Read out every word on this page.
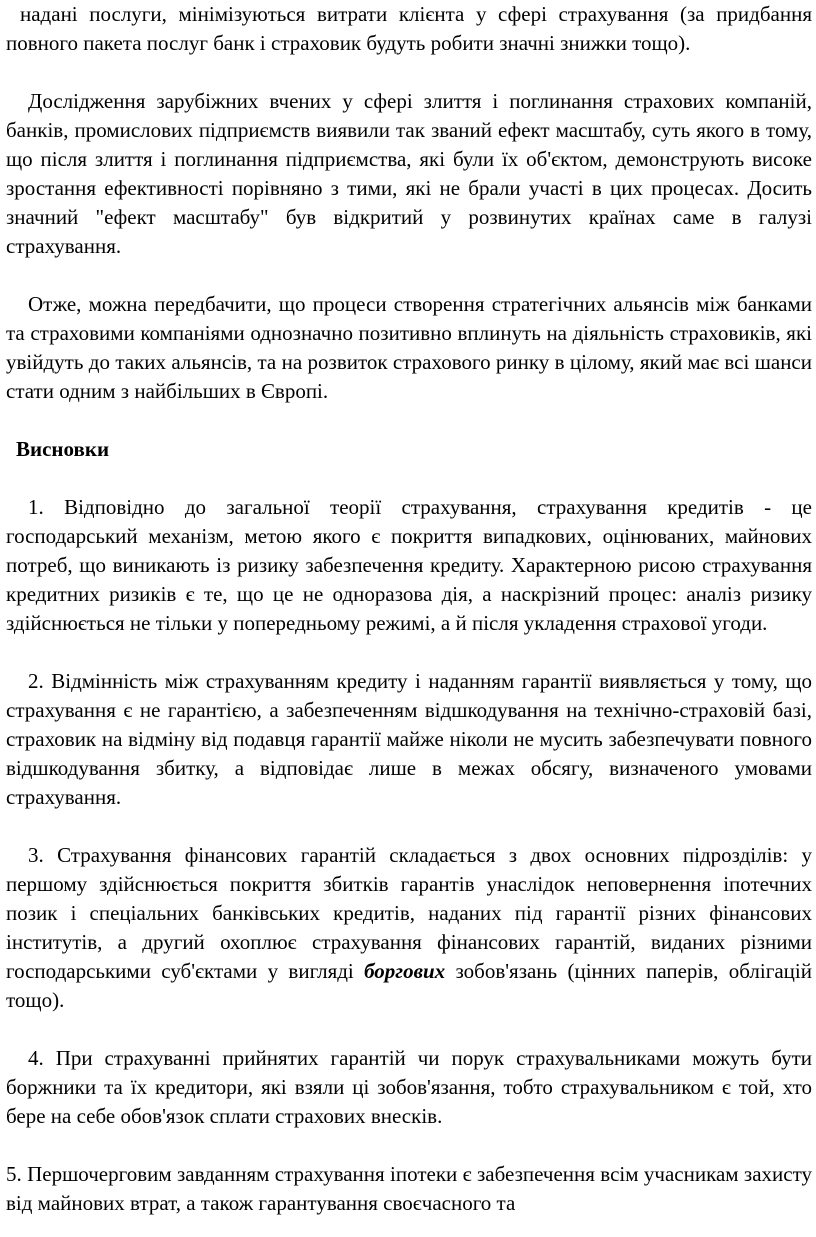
надані послуги, мінімізуються витрати клієнта у сфері страхування (за придбання повного пакета послуг банк і страховик будуть робити значні знижки тощо).

Дослідження зарубіжних вчених у сфері злиття і поглинання страхових компаній, банків, промислових підприємств виявили так званий ефект масштабу, суть якого в тому, що після злиття і поглинання підприємства, які були їх об'єктом, демонструють високе зростання ефективності порівняно з тими, які не брали участі в цих процесах. Досить значний "ефект масштабу" був відкритий у розвинутих країнах саме в галузі страхування.

Отже, можна передбачити, що процеси створення стратегічних альянсів між банками та страховими компаніями однозначно позитивно вплинуть на діяльність страховиків, які увійдуть до таких альянсів, та на розвиток страхового ринку в цілому, який має всі шанси стати одним з найбільших в Європі.

Висновки

1. Відповідно до загальної теорії страхування, страхування кредитів - це господарський механізм, метою якого є покриття випадкових, оцінюваних, майнових потреб, що виникають із ризику забезпечення кредиту. Характерною рисою страхування кредитних ризиків є те, що це не одноразова дія, а наскрізний процес: аналіз ризику здійснюється не тільки у попередньому режимі, а й після укладення страхової угоди.

2. Відмінність між страхуванням кредиту і наданням гарантії виявляється у тому, що страхування є не гарантією, а забезпеченням відшкодування на технічно-страховій базі, страховик на відміну від подавця гарантії майже ніколи не мусить забезпечувати повного відшкодування збитку, а відповідає лише в межах обсягу, визначеного умовами страхування.

3. Страхування фінансових гарантій складається з двох основних підрозділів: у першому здійснюється покриття збитків гарантів унаслідок неповернення іпотечних позик і спеціальних банківських кредитів, наданих під гарантії різних фінансових інститутів, а другий охоплює страхування фінансових гарантій, виданих різними господарськими суб'єктами у вигляді боргових зобов'язань (цінних паперів, облігацій тощо).

4. При страхуванні прийнятих гарантій чи порук страхувальниками можуть бути боржники та їх кредитори, які взяли ці зобов'язання, тобто страхувальником є той, хто бере на себе обов'язок сплати страхових внесків.

5. Першочерговим завданням страхування іпотеки є забезпечення всім учасникам захисту від майнових втрат, а також гарантування своєчасного та
